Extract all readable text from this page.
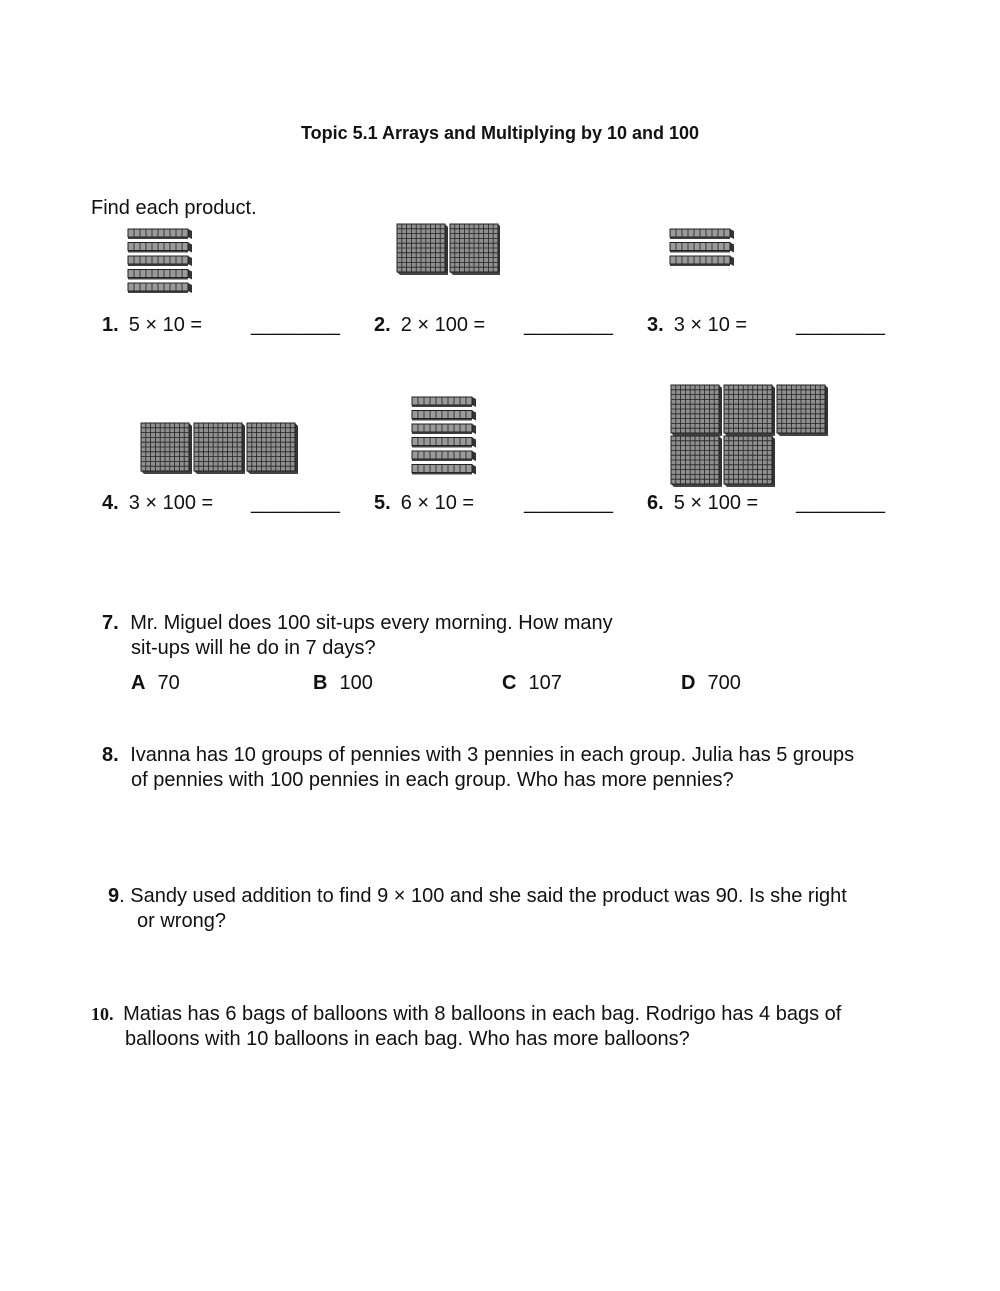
Topic 5.1 Arrays and Multiplying by 10 and 100
Find each product.
1. 5 × 10 = ________ 2. 2 × 100 = ________ 3. 3 × 10 = ________
4. 3 × 100 = ________ 5. 6 × 10 = ________ 6. 5 × 100 = ________
7. Mr. Miguel does 100 sit-ups every morning. How many
sit-ups will he do in 7 days?
A 70	B 100	C 107	D 700
8. Ivanna has 10 groups of pennies with 3 pennies in each group. Julia has 5 groups
of pennies with 100 pennies in each group. Who has more pennies?
9. Sandy used addition to find 9 × 100 and she said the product was 90. Is she right
or wrong?
10. Matias has 6 bags of balloons with 8 balloons in each bag. Rodrigo has 4 bags of
balloons with 10 balloons in each bag. Who has more balloons?
